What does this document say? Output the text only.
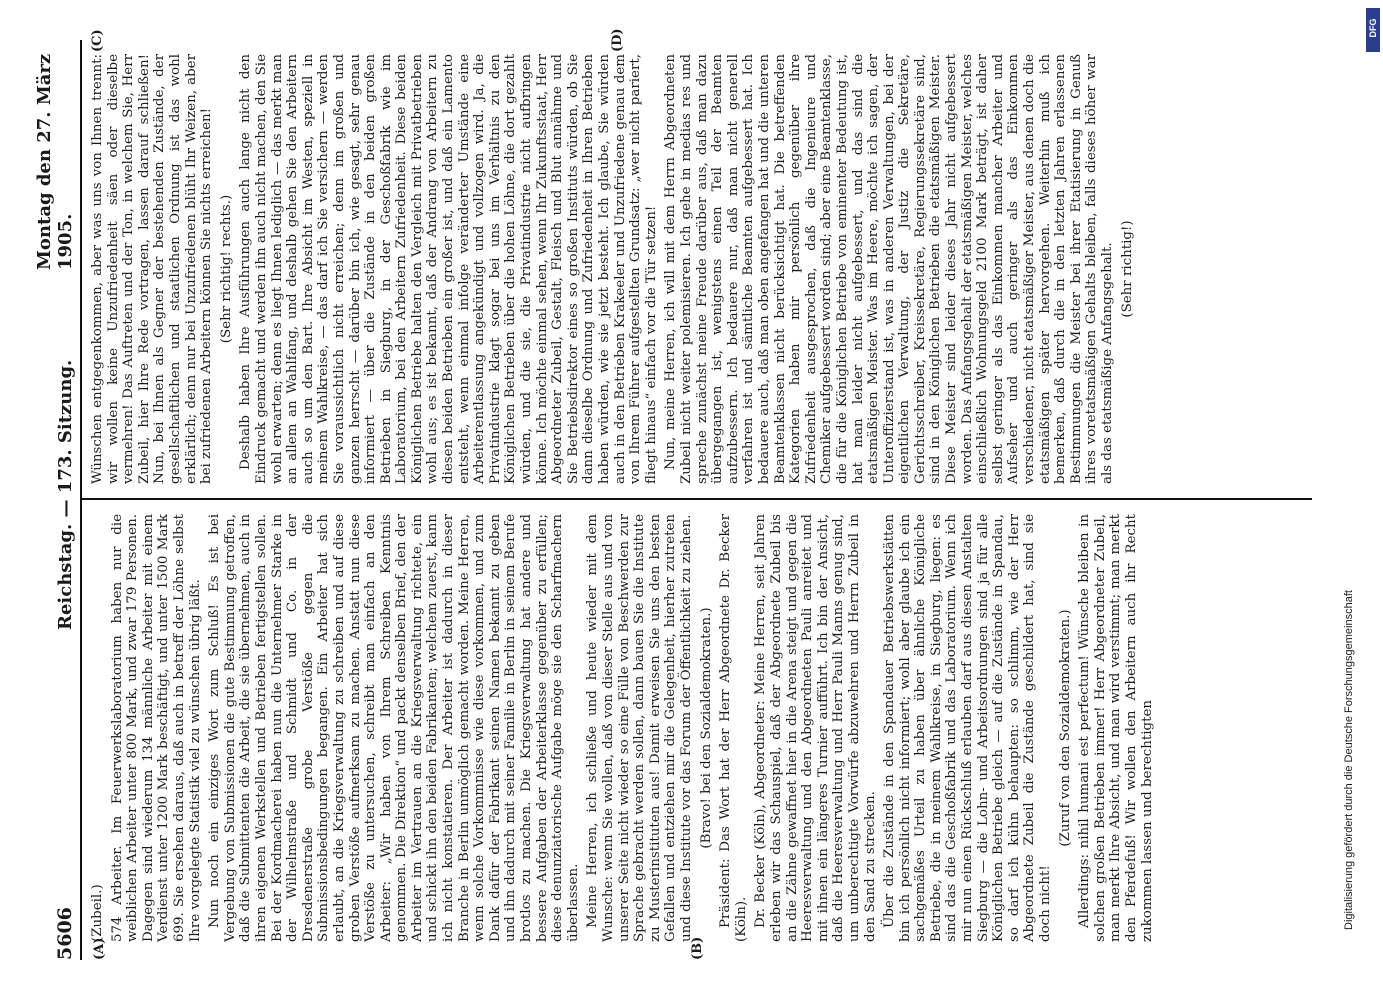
5606
Reichstag. — 173. Sitzung.
Montag den 27. März 1905.
(A)	(B)
(C)	(D)

(Zubeil.) 574 Arbeiter. Im Feuerwerkslaboratorium haben nur die weiblichen Arbeiter unter 800 Mark, und zwar 179 Personen. Dagegen sind wiederum 134 männliche Arbeiter mit einem Verdienst unter 1200 Mark beschäftigt, und unter 1500 Mark 699. Sie ersehen daraus, daß auch in betreff der Löhne selbst Ihre vorgelegte Statistik viel zu wünschen übrig läßt. Nun noch ein einziges Wort zum Schluß! Es ist bei Vergebung von Submissionen die gute Bestimmung getroffen, daß die Submittenten die Arbeit, die sie übernehmen, auch in ihren eigenen Werkstellen und Betrieben fertigstellen sollen. Bei der Kordmacherei haben nun die Unternehmer Starke in der Wilhelmstraße und Schmidt und Co. in der Dresdenerstraße grobe Verstöße gegen die Submissionsbedingungen begangen. Ein Arbeiter hat sich erlaubt, an die Kriegsverwaltung zu schreiben und auf diese groben Verstöße aufmerksam zu machen. Anstatt nun diese Verstöße zu untersuchen, schreibt man einfach an den Arbeiter: „Wir haben von Ihrem Schreiben Kenntnis genommen. Die Direktion“ und packt denselben Brief, den der Arbeiter im Vertrauen an die Kriegsverwaltung richtete, ein und schickt ihn den beiden Fabrikanten; welchem zuerst, kann ich nicht konstatieren. Der Arbeiter ist dadurch in dieser Branche in Berlin unmöglich gemacht worden. Meine Herren, wenn solche Vorkommnisse wie diese vorkommen, und zum Dank dafür der Fabrikant seinen Namen bekannt zu geben und ihn dadurch mit seiner Familie in Berlin in seinem Berufe brotlos zu machen. Die Kriegsverwaltung hat andere und bessere Aufgaben der Arbeiterklasse gegenüber zu erfüllen; diese denunziatorische Aufgabe möge sie den Scharfmachern überlassen. Meine Herren, ich schließe und heute wieder mit dem Wunsche: wenn Sie wollen, daß von dieser Stelle aus und von unserer Seite nicht wieder so eine Fülle von Beschwerden zur Sprache gebracht werden sollen, dann bauen Sie die Institute zu Musterinstituten aus! Damit erweisen Sie uns den besten Gefallen und entziehen mir die Gelegenheit, hierher zutreten und diese Institute vor das Forum der Öffentlichkeit zu ziehen. (Bravo! bei den Sozialdemokraten.) Präsident: Das Wort hat der Herr Abgeordnete Dr. Becker (Köln). Dr. Becker (Köln), Abgeordneter: Meine Herren, seit Jahren erleben wir das Schauspiel, daß der Abgeordnete Zubeil bis an die Zähne gewaffnet hier in die Arena steigt und gegen die Heeresverwaltung und den Abgeordneten Pauli anreitet und mit ihnen ein längeres Turnier aufführt. Ich bin der Ansicht, daß die Heeresverwaltung und Herr Pauli Manns genug sind, um unberechtigte Vorwürfe abzuwehren und Herrn Zubeil in den Sand zu strecken. Über die Zustände in den Spandauer Betriebswerkstätten bin ich persönlich nicht informiert; wohl aber glaube ich ein sachgemäßes Urteil zu haben über ähnliche Königliche Betriebe, die in meinem Wahlkreise, in Siegburg, liegen: es sind das die Geschoßfabrik und das Laboratorium. Wenn ich mir nun einen Rückschluß erlauben darf aus diesen Anstalten Siegburg — die Lohn- und Arbeitsordnungen sind ja für alle Königlichen Betriebe gleich — auf die Zustände in Spandau, so darf ich kühn behaupten: so schlimm, wie der Herr Abgeordnete Zubeil die Zustände geschildert hat, sind sie doch nicht!

(Zuruf von den Sozialdemokraten.) Allerdings: nihil humani est perfectum! Wünsche bleiben in solchen großen Betrieben immer! Herr Abgeordneter Zubeil, man merkt Ihre Absicht, und man wird verstimmt; man merkt den Pferdefuß! Wir wollen den Arbeitern auch ihr Recht zukommen lassen und berechtigten

Wünschen entgegenkommen, aber was uns von Ihnen trennt: wir wollen keine Unzufriedenheit säen oder dieselbe vermehren! Das Auftreten und der Ton, in welchem Sie, Herr Zubeil, hier Ihre Rede vortragen, lassen darauf schließen! Nun, bei Ihnen als Gegner der bestehenden Zustände, der gesellschaftlichen und staatlichen Ordnung ist das wohl erklärlich; denn nur bei Unzufriedenen blüht Ihr Weizen, aber bei zufriedenen Arbeitern können Sie nichts erreichen! (Sehr richtig! rechts.) Deshalb haben Ihre Ausführungen auch lange nicht den Eindruck gemacht und werden ihn auch nicht machen, den Sie wohl erwarten; denn es liegt Ihnen lediglich — das merkt man an allem an Wahlfang, und deshalb gehen Sie den Arbeitern auch so um den Bart. Ihre Absicht im Westen, speziell in meinem Wahlkreise, — das darf ich Sie versichern — werden Sie voraussichtlich nicht erreichen; denn im großen und ganzen herrscht — darüber bin ich, wie gesagt, sehr genau informiert — über die Zustände in den beiden großen Betrieben in Siegburg, in der Geschoßfabrik wie im Laboratorium, bei den Arbeitern Zufriedenheit. Diese beiden Königlichen Betriebe halten den Vergleich mit Privatbetrieben wohl aus; es ist bekannt, daß der Andrang von Arbeitern zu diesen beiden Betrieben ein großer ist, und daß ein Lamento entsteht, wenn einmal infolge veränderter Umstände eine Arbeiterentlassung angekündigt und vollzogen wird. Ja, die Privatindustrie klagt sogar bei uns im Verhältnis zu den Königlichen Betrieben über die hohen Löhne, die dort gezahlt würden, und die sie, die Privatindustrie nicht aufbringen könne. Ich möchte einmal sehen, wenn Ihr Zukunftsstaat, Herr Abgeordneter Zubeil, Gestalt, Fleisch und Blut annähme und Sie Betriebsdirektor eines so großen Instituts würden, ob Sie dann dieselbe Ordnung und Zufriedenheit in Ihren Betrieben haben würden, wie sie jetzt besteht. Ich glaube, Sie würden auch in den Betrieben Krakeeler und Unzufriedene genau dem von Ihrem Führer aufgestellten Grundsatz: „wer nicht pariert, fliegt hinaus“ einfach vor die Tür setzen! Nun, meine Herren, ich will mit dem Herrn Abgeordneten Zubeil nicht weiter polemisieren. Ich gehe in medias res und spreche zunächst meine Freude darüber aus, daß man dazu übergegangen ist, wenigstens einen Teil der Beamten aufzubessern. Ich bedauere nur, daß man nicht generell verfahren ist und sämtliche Beamten aufgebessert hat. Ich bedauere auch, daß man oben angefangen hat und die unteren Beamtenklassen nicht berücksichtigt hat. Die betreffenden Kategorien haben mir persönlich gegenüber ihre Zufriedenheit ausgesprochen, daß die Ingenieure und Chemiker aufgebessert worden sind; aber eine Beamtenklasse, die für die Königlichen Betriebe von eminenter Bedeutung ist, hat man leider nicht aufgebessert, und das sind die etatsmäßigen Meister. Was im Heere, möchte ich sagen, der Unteroffizierstand ist, was in anderen Verwaltungen, bei der eigentlichen Verwaltung, der Justiz die Sekretäre, Gerichtsschreiber, Kreissekretäre, Regierungssekretäre sind, sind in den Königlichen Betrieben die etatsmäßigen Meister. Diese Meister sind leider dieses Jahr nicht aufgebessert worden. Das Anfangsgehalt der etatsmäßigen Meister, welches einschließlich Wohnungsgeld 2100 Mark beträgt, ist daher selbst geringer als das Einkommen mancher Arbeiter und Aufseher und auch geringer als das Einkommen verschiedener, nicht etatsmäßiger Meister, aus denen doch die etatsmäßigen später hervorgehen. Weiterhin muß ich bemerken, daß durch die in den letzten Jahren erlassenen Bestimmungen die Meister bei ihrer Etatisierung in Genuß ihres voretatsmäßigen Gehalts bleiben, falls dieses höher war als das etatsmäßige Anfangsgehalt. (Sehr richtig!)

Digitalisierung gefördert durch die Deutsche Forschungsgemeinschaft
DFG
